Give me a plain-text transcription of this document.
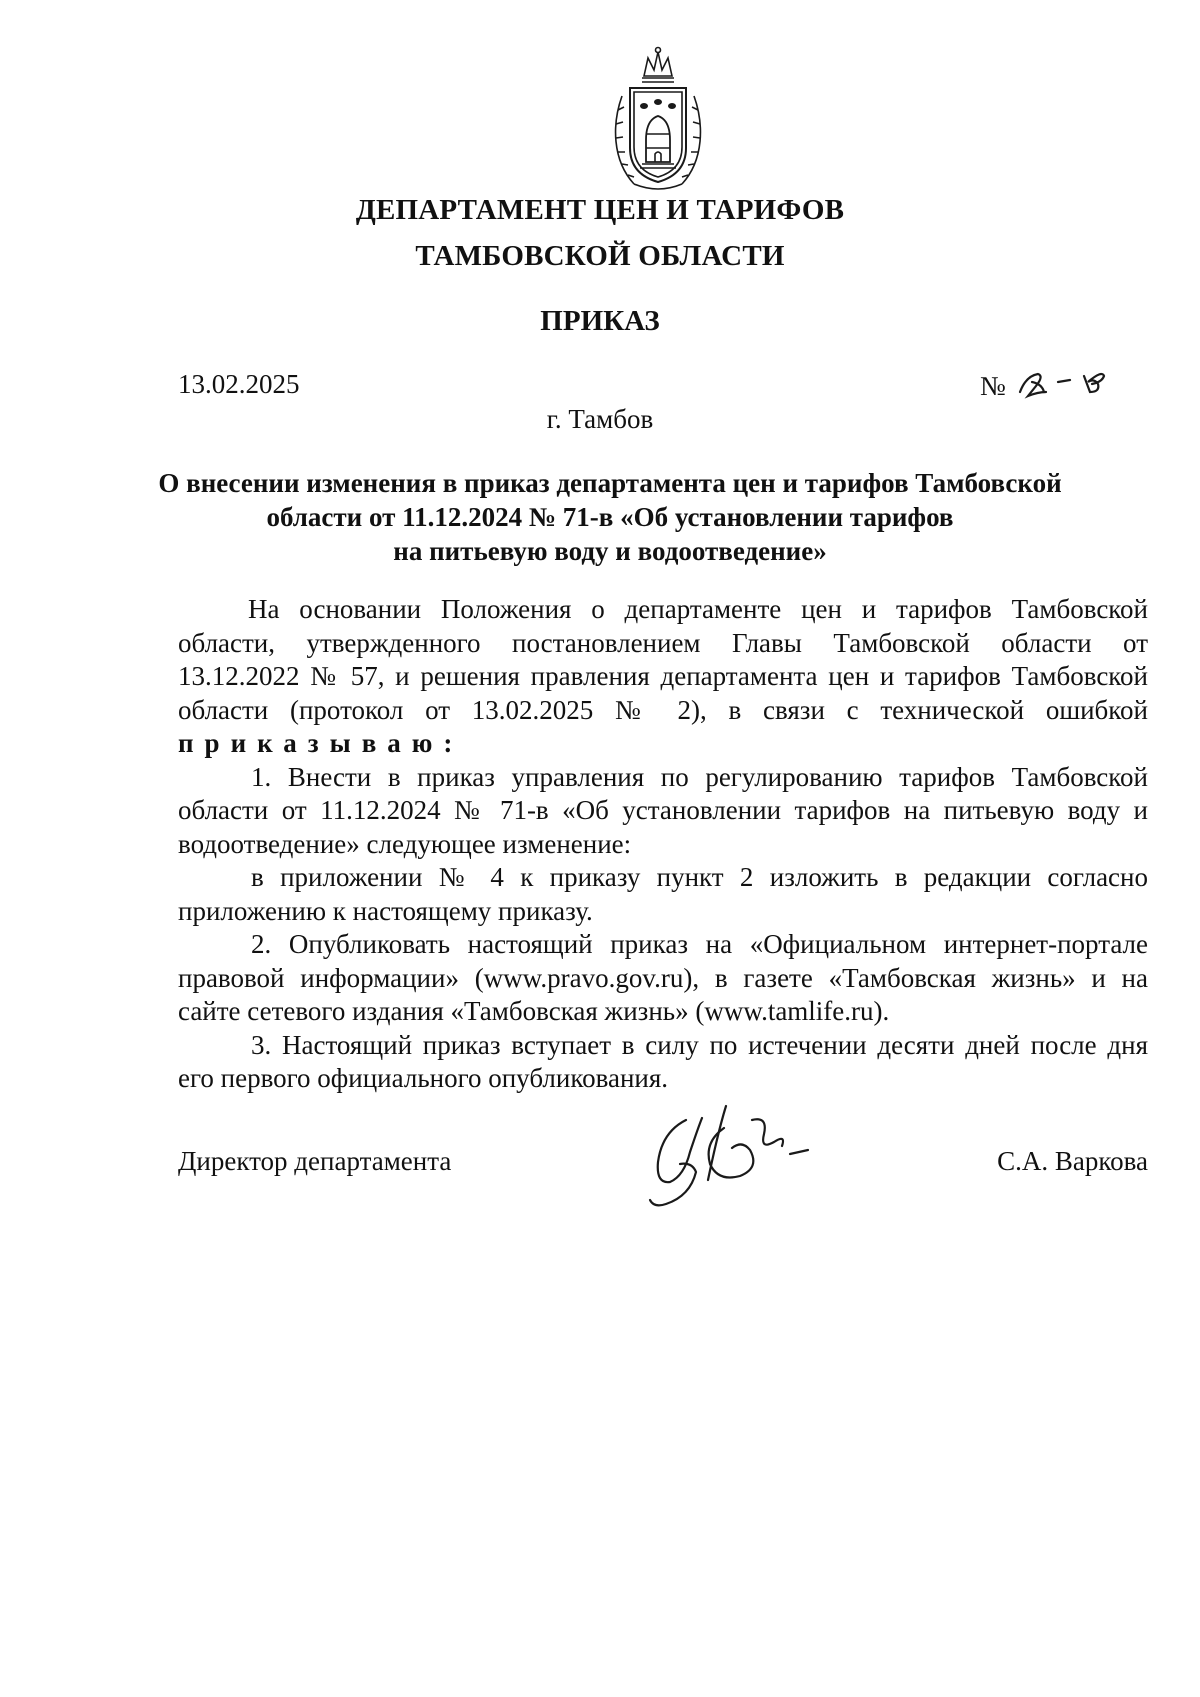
ДЕПАРТАМЕНТ ЦЕН И ТАРИФОВ
ТАМБОВСКОЙ ОБЛАСТИ
ПРИКАЗ
13.02.2025	№
г. Тамбов
О внесении изменения в приказ департамента цен и тарифов Тамбовской
области от 11.12.2024 № 71-в «Об установлении тарифов
на питьевую воду и водоотведение»
На основании Положения о департаменте цен и тарифов Тамбовской
области, утвержденного постановлением Главы Тамбовской области от
13.12.2022 № 57, и решения правления департамента цен и тарифов Тамбовской
области (протокол от 13.02.2025 № 2), в связи с технической ошибкой
приказываю:
1. Внести в приказ управления по регулированию тарифов Тамбовской
области от 11.12.2024 № 71-в «Об установлении тарифов на питьевую воду и
водоотведение» следующее изменение:
в приложении № 4 к приказу пункт 2 изложить в редакции согласно
приложению к настоящему приказу.
2. Опубликовать настоящий приказ на «Официальном интернет-портале
правовой информации» (www.pravo.gov.ru), в газете «Тамбовская жизнь» и на
сайте сетевого издания «Тамбовская жизнь» (www.tamlife.ru).
3. Настоящий приказ вступает в силу по истечении десяти дней после дня
его первого официального опубликования.
Директор департамента	С.А. Варкова
